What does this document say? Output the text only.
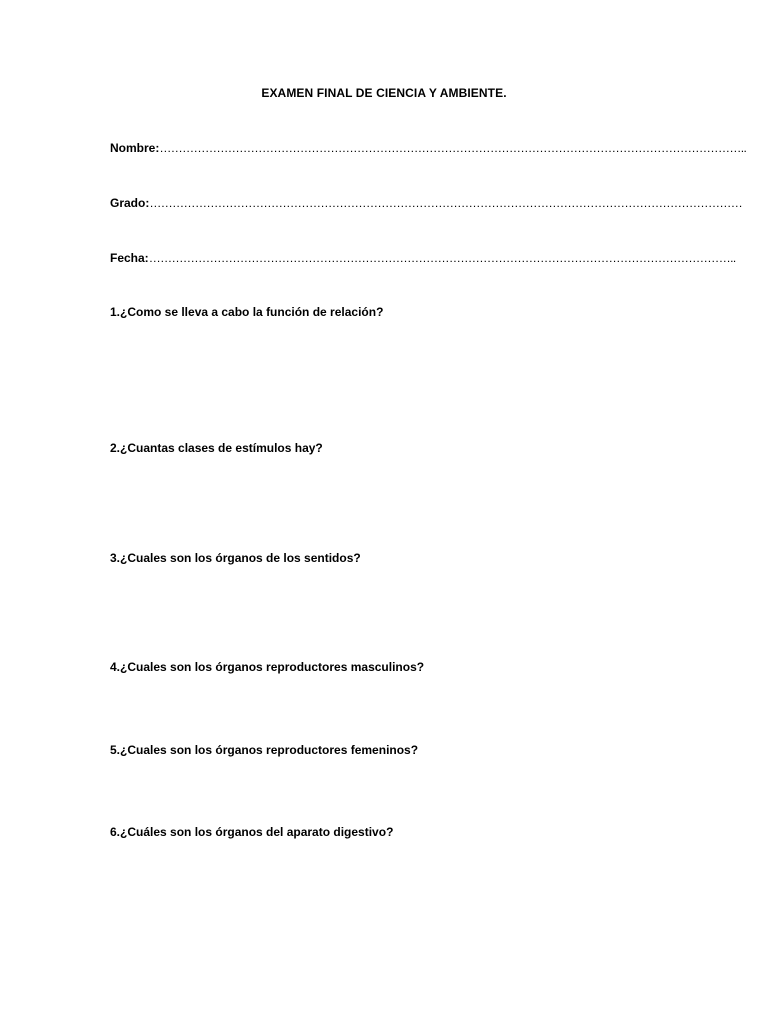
EXAMEN FINAL DE CIENCIA Y AMBIENTE.
Nombre:………………………………………………………………………………………………………………………………………..
Grado:…………………………………………………………………………………………………………………………………………
Fecha:………………………………………………………………………………………………………………………………………..
1.¿Como se lleva a cabo la función de relación?
2.¿Cuantas clases de estímulos hay?
3.¿Cuales son los órganos de los sentidos?
4.¿Cuales son los órganos reproductores masculinos?
5.¿Cuales son los órganos reproductores femeninos?
6.¿Cuáles son los órganos del aparato digestivo?
